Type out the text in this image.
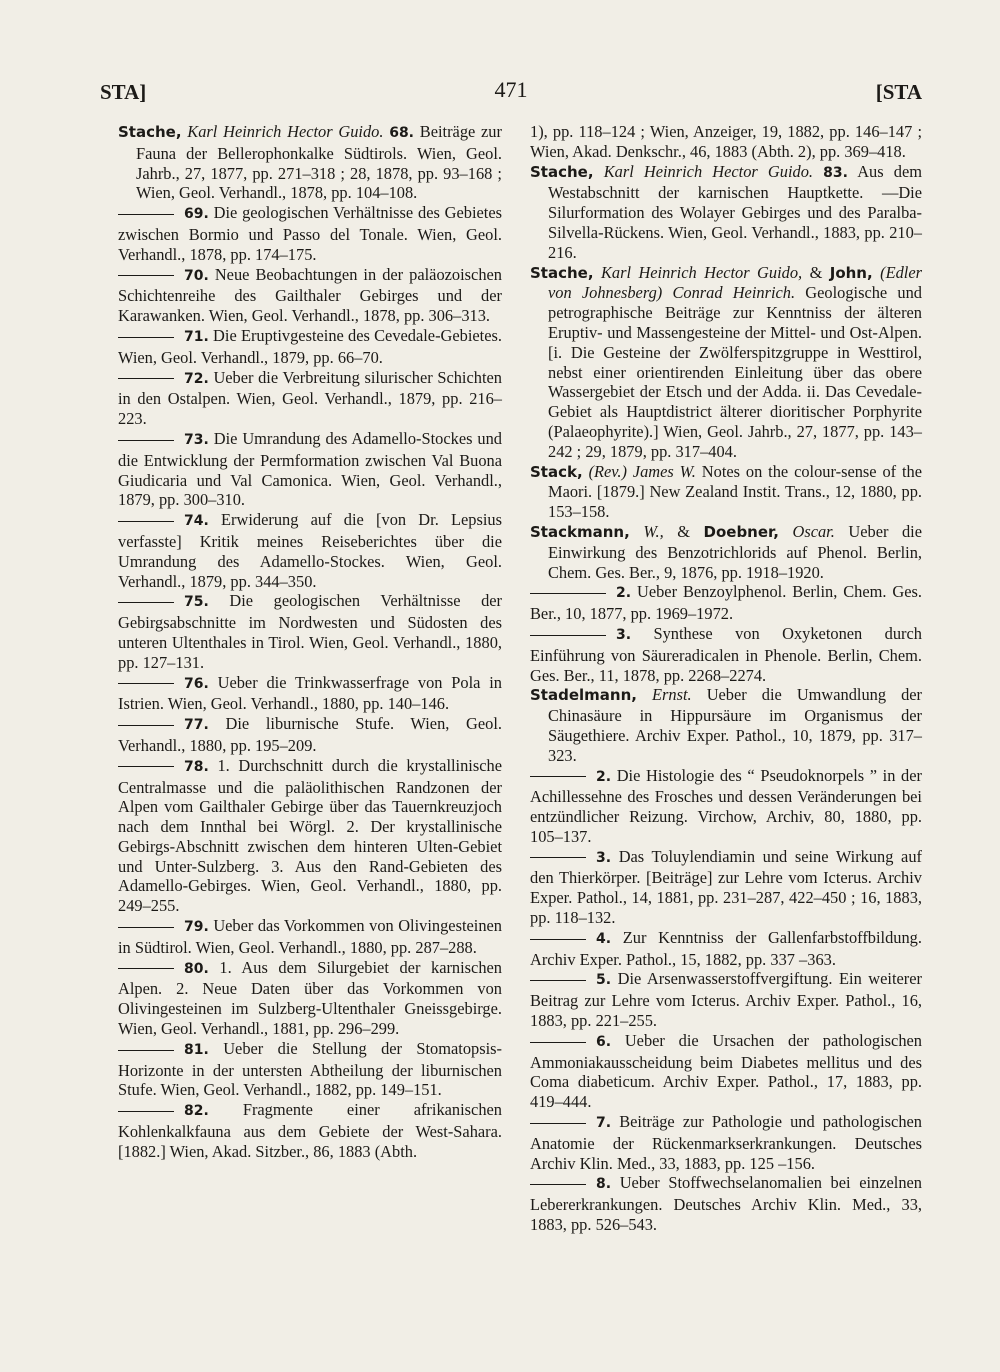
STA]	471	[STA

Stache, Karl Heinrich Hector Guido. 68. Beiträge zur Fauna der Bellerophonkalke Südtirols. Wien, Geol. Jahrb., 27, 1877, pp. 271–318 ; 28, 1878, pp. 93–168 ; Wien, Geol. Verhandl., 1878, pp. 104–108.

69. Die geologischen Verhältnisse des Gebietes zwischen Bormio und Passo del Tonale. Wien, Geol. Verhandl., 1878, pp. 174–175.

70. Neue Beobachtungen in der paläozoischen Schichtenreihe des Gailthaler Gebirges und der Karawanken. Wien, Geol. Verhandl., 1878, pp. 306–313.

71. Die Eruptivgesteine des Cevedale-Gebietes. Wien, Geol. Verhandl., 1879, pp. 66–70.

72. Ueber die Verbreitung silurischer Schichten in den Ostalpen. Wien, Geol. Verhandl., 1879, pp. 216–223.

73. Die Umrandung des Adamello-Stockes und die Entwicklung der Permformation zwischen Val Buona Giudicaria und Val Camonica. Wien, Geol. Verhandl., 1879, pp. 300–310.

74. Erwiderung auf die [von Dr. Lepsius verfasste] Kritik meines Reiseberichtes über die Umrandung des Adamello-Stockes. Wien, Geol. Verhandl., 1879, pp. 344–350.

75. Die geologischen Verhältnisse der Gebirgsabschnitte im Nordwesten und Südosten des unteren Ultenthales in Tirol. Wien, Geol. Verhandl., 1880, pp. 127–131.

76. Ueber die Trinkwasserfrage von Pola in Istrien. Wien, Geol. Verhandl., 1880, pp. 140–146.

77. Die liburnische Stufe. Wien, Geol. Verhandl., 1880, pp. 195–209.

78. 1. Durchschnitt durch die krystallinische Centralmasse und die paläolithischen Randzonen der Alpen vom Gailthaler Gebirge über das Tauernkreuzjoch nach dem Innthal bei Wörgl. 2. Der krystallinische Gebirgs-Abschnitt zwischen dem hinteren Ulten-Gebiet und Unter-Sulzberg. 3. Aus den Rand-Gebieten des Adamello-Gebirges. Wien, Geol. Verhandl., 1880, pp. 249–255.

79. Ueber das Vorkommen von Olivingesteinen in Südtirol. Wien, Geol. Verhandl., 1880, pp. 287–288.

80. 1. Aus dem Silurgebiet der karnischen Alpen. 2. Neue Daten über das Vorkommen von Olivingesteinen im Sulzberg-Ultenthaler Gneissgebirge. Wien, Geol. Verhandl., 1881, pp. 296–299.

81. Ueber die Stellung der Stomatopsis-Horizonte in der untersten Abtheilung der liburnischen Stufe. Wien, Geol. Verhandl., 1882, pp. 149–151.

82. Fragmente einer afrikanischen Kohlenkalkfauna aus dem Gebiete der West-Sahara. [1882.] Wien, Akad. Sitzber., 86, 1883 (Abth.

1), pp. 118–124 ; Wien, Anzeiger, 19, 1882, pp. 146–147 ; Wien, Akad. Denkschr., 46, 1883 (Abth. 2), pp. 369–418.

Stache, Karl Heinrich Hector Guido. 83. Aus dem Westabschnitt der karnischen Hauptkette. —Die Silurformation des Wolayer Gebirges und des Paralba-Silvella-Rückens. Wien, Geol. Verhandl., 1883, pp. 210–216.

Stache, Karl Heinrich Hector Guido, & John, (Edler von Johnesberg) Conrad Heinrich. Geologische und petrographische Beiträge zur Kenntniss der älteren Eruptiv- und Massengesteine der Mittel- und Ost-Alpen. [i. Die Gesteine der Zwölferspitzgruppe in Westtirol, nebst einer orientirenden Einleitung über das obere Wassergebiet der Etsch und der Adda. ii. Das Cevedale-Gebiet als Hauptdistrict älterer dioritischer Porphyrite (Palaeophyrite).] Wien, Geol. Jahrb., 27, 1877, pp. 143–242 ; 29, 1879, pp. 317–404.

Stack, (Rev.) James W. Notes on the colour-sense of the Maori. [1879.] New Zealand Instit. Trans., 12, 1880, pp. 153–158.

Stackmann, W., & Doebner, Oscar. Ueber die Einwirkung des Benzotrichlorids auf Phenol. Berlin, Chem. Ges. Ber., 9, 1876, pp. 1918–1920.

2. Ueber Benzoylphenol. Berlin, Chem. Ges. Ber., 10, 1877, pp. 1969–1972.

3. Synthese von Oxyketonen durch Einführung von Säureradicalen in Phenole. Berlin, Chem. Ges. Ber., 11, 1878, pp. 2268–2274.

Stadelmann, Ernst. Ueber die Umwandlung der Chinasäure in Hippursäure im Organismus der Säugethiere. Archiv Exper. Pathol., 10, 1879, pp. 317–323.

2. Die Histologie des “ Pseudoknorpels ” in der Achillessehne des Frosches und dessen Veränderungen bei entzündlicher Reizung. Virchow, Archiv, 80, 1880, pp. 105–137.

3. Das Toluylendiamin und seine Wirkung auf den Thierkörper. [Beiträge] zur Lehre vom Icterus. Archiv Exper. Pathol., 14, 1881, pp. 231–287, 422–450 ; 16, 1883, pp. 118–132.

4. Zur Kenntniss der Gallenfarbstoffbildung. Archiv Exper. Pathol., 15, 1882, pp. 337 –363.

5. Die Arsenwasserstoffvergiftung. Ein weiterer Beitrag zur Lehre vom Icterus. Archiv Exper. Pathol., 16, 1883, pp. 221–255.

6. Ueber die Ursachen der pathologischen Ammoniakausscheidung beim Diabetes mellitus und des Coma diabeticum. Archiv Exper. Pathol., 17, 1883, pp. 419–444.

7. Beiträge zur Pathologie und pathologischen Anatomie der Rückenmarkserkrankungen. Deutsches Archiv Klin. Med., 33, 1883, pp. 125 –156.

8. Ueber Stoffwechselanomalien bei einzelnen Lebererkrankungen. Deutsches Archiv Klin. Med., 33, 1883, pp. 526–543.
